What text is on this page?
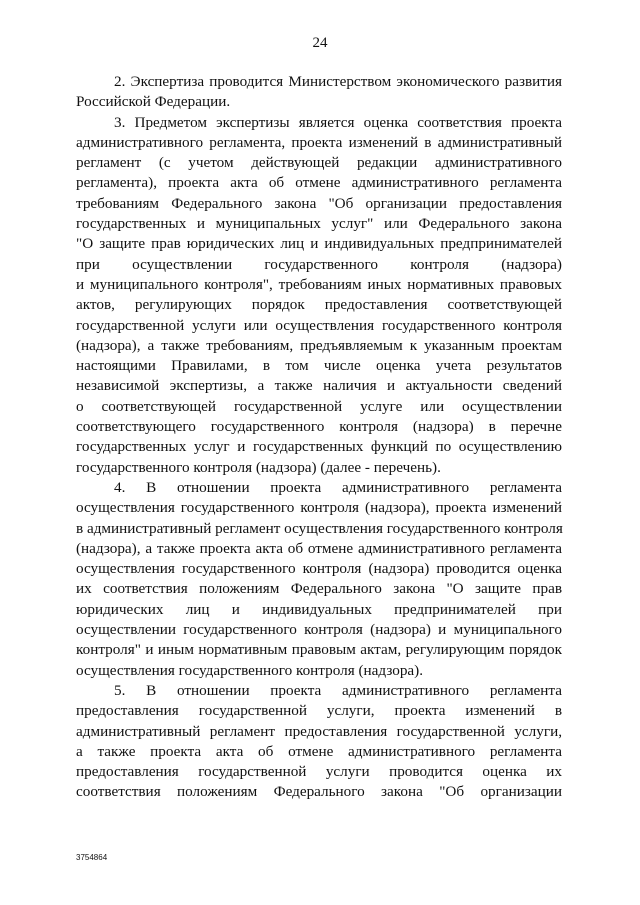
24
2. Экспертиза проводится Министерством экономического развития
Российской Федерации.
3. Предметом экспертизы является оценка соответствия проекта
административного регламента, проекта изменений в административный
регламент (с учетом действующей редакции административного
регламента), проекта акта об отмене административного регламента
требованиям Федерального закона "Об организации предоставления
государственных и муниципальных услуг" или Федерального закона
"О защите прав юридических лиц и индивидуальных предпринимателей
при осуществлении государственного контроля (надзора)
и муниципального контроля", требованиям иных нормативных правовых
актов, регулирующих порядок предоставления соответствующей
государственной услуги или осуществления государственного контроля
(надзора), а также требованиям, предъявляемым к указанным проектам
настоящими Правилами, в том числе оценка учета результатов
независимой экспертизы, а также наличия и актуальности сведений
о соответствующей государственной услуге или осуществлении
соответствующего государственного контроля (надзора) в перечне
государственных услуг и государственных функций по осуществлению
государственного контроля (надзора) (далее - перечень).
4. В отношении проекта административного регламента
осуществления государственного контроля (надзора), проекта изменений
в административный регламент осуществления государственного контроля
(надзора), а также проекта акта об отмене административного регламента
осуществления государственного контроля (надзора) проводится оценка
их соответствия положениям Федерального закона "О защите прав
юридических лиц и индивидуальных предпринимателей при
осуществлении государственного контроля (надзора) и муниципального
контроля" и иным нормативным правовым актам, регулирующим порядок
осуществления государственного контроля (надзора).
5. В отношении проекта административного регламента
предоставления государственной услуги, проекта изменений в
административный регламент предоставления государственной услуги,
а также проекта акта об отмене административного регламента
предоставления государственной услуги проводится оценка их
соответствия положениям Федерального закона "Об организации
3754864
